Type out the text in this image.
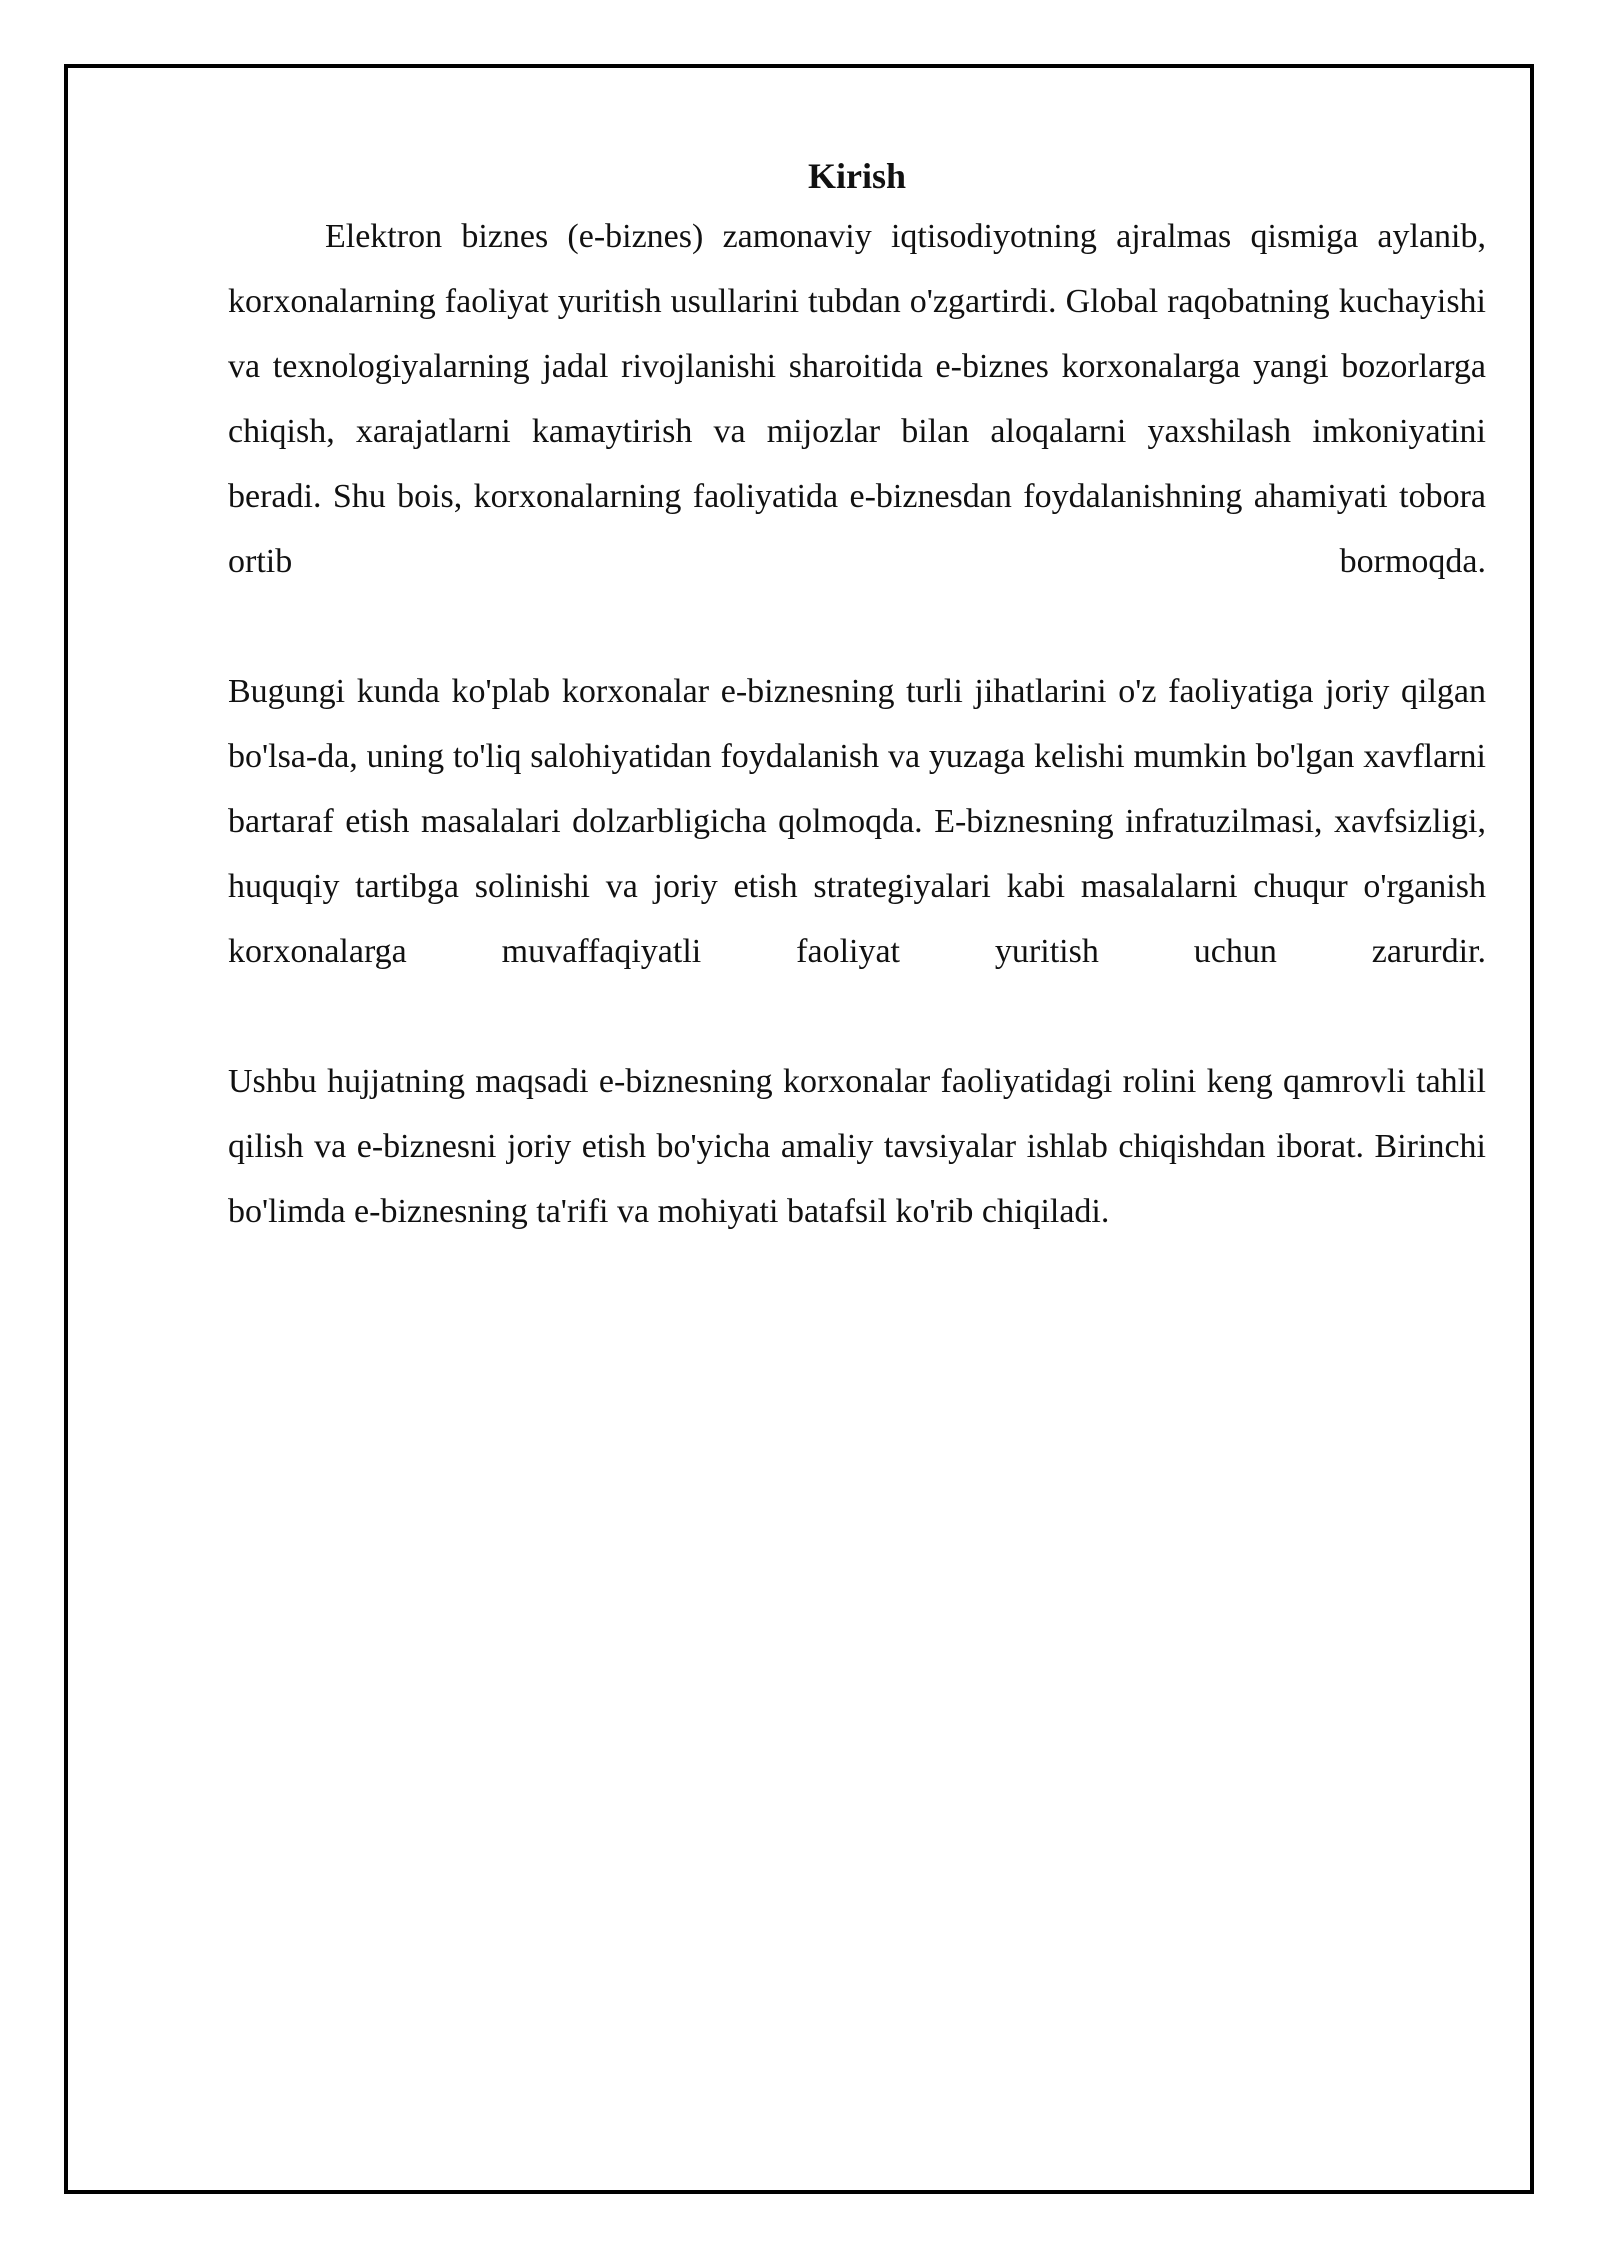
Kirish

Elektron biznes (e-biznes) zamonaviy iqtisodiyotning ajralmas qismiga aylanib, korxonalarning faoliyat yuritish usullarini tubdan o'zgartirdi. Global raqobatning kuchayishi va texnologiyalarning jadal rivojlanishi sharoitida e-biznes korxonalarga yangi bozorlarga chiqish, xarajatlarni kamaytirish va mijozlar bilan aloqalarni yaxshilash imkoniyatini beradi. Shu bois, korxonalarning faoliyatida e-biznesdan foydalanishning ahamiyati tobora ortib bormoqda.

Bugungi kunda ko'plab korxonalar e-biznesning turli jihatlarini o'z faoliyatiga joriy qilgan bo'lsa-da, uning to'liq salohiyatidan foydalanish va yuzaga kelishi mumkin bo'lgan xavflarni bartaraf etish masalalari dolzarbligicha qolmoqda. E-biznesning infratuzilmasi, xavfsizligi, huquqiy tartibga solinishi va joriy etish strategiyalari kabi masalalarni chuqur o'rganish korxonalarga muvaffaqiyatli faoliyat yuritish uchun zarurdir.

Ushbu hujjatning maqsadi e-biznesning korxonalar faoliyatidagi rolini keng qamrovli tahlil qilish va e-biznesni joriy etish bo'yicha amaliy tavsiyalar ishlab chiqishdan iborat. Birinchi bo'limda e-biznesning ta'rifi va mohiyati batafsil ko'rib chiqiladi.
